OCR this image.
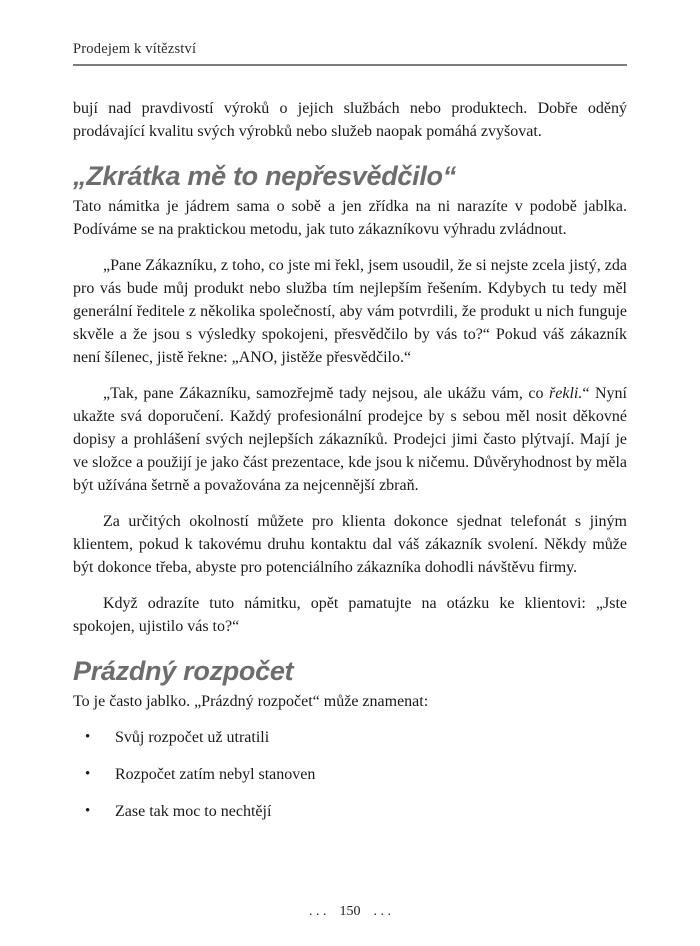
Prodejem k vítězství

bují nad pravdivostí výroků o jejich službách nebo produktech. Dobře oděný prodávající kvalitu svých výrobků nebo služeb naopak pomáhá zvyšovat.

„Zkrátka mě to nepřesvědčilo“

Tato námitka je jádrem sama o sobě a jen zřídka na ni narazíte v podobě jablka. Podíváme se na praktickou metodu, jak tuto zákazníkovu výhradu zvládnout.

„Pane Zákazníku, z toho, co jste mi řekl, jsem usoudil, že si nejste zcela jistý, zda pro vás bude můj produkt nebo služba tím nejlepším řešením. Kdybych tu tedy měl generální ředitele z několika společností, aby vám potvrdili, že produkt u nich funguje skvěle a že jsou s výsledky spokojeni, přesvědčilo by vás to?“ Pokud váš zákazník není šílenec, jistě řekne: „ANO, jistěže přesvědčilo.“

„Tak, pane Zákazníku, samozřejmě tady nejsou, ale ukážu vám, co řekli.“ Nyní ukažte svá doporučení. Každý profesionální prodejce by s sebou měl nosit děkovné dopisy a prohlášení svých nejlepších zákazníků. Prodejci jimi často plýtvají. Mají je ve složce a použijí je jako část prezentace, kde jsou k ničemu. Důvěryhodnost by měla být užívána šetrně a považována za nejcennější zbraň.

Za určitých okolností můžete pro klienta dokonce sjednat telefonát s jiným klientem, pokud k takovému druhu kontaktu dal váš zákazník svolení. Někdy může být dokonce třeba, abyste pro potenciálního zákazníka dohodli návštěvu firmy.

Když odrazíte tuto námitku, opět pamatujte na otázku ke klientovi: „Jste spokojen, ujistilo vás to?“

Prázdný rozpočet

To je často jablko. „Prázdný rozpočet“ může znamenat:

• Svůj rozpočet už utratili
• Rozpočet zatím nebyl stanoven
• Zase tak moc to nechtějí
. . . 150 . . .
